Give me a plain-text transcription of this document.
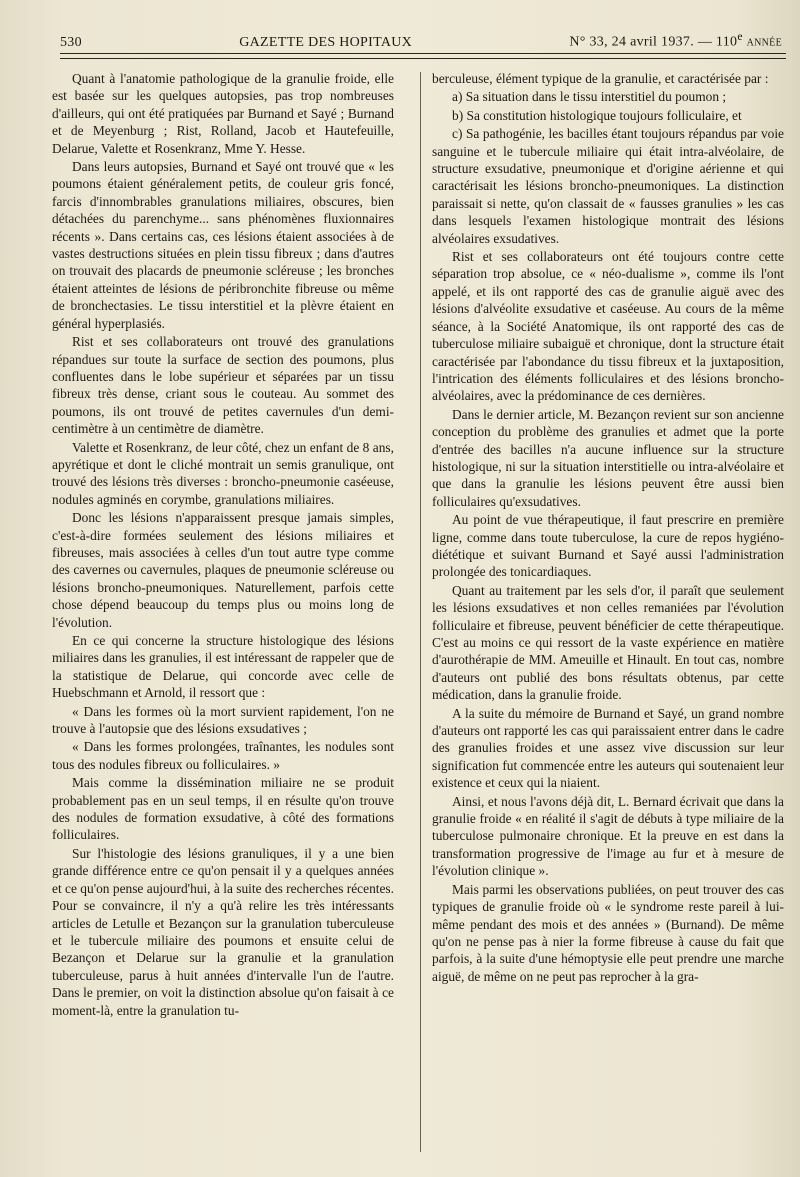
530	GAZETTE DES HOPITAUX	N° 33, 24 avril 1937. — 110e ANNÉE

Quant à l'anatomie pathologique de la granulie froide, elle est basée sur les quelques autopsies, pas trop nombreuses d'ailleurs, qui ont été pratiquées par Burnand et Sayé ; Burnand et de Meyenburg ; Rist, Rolland, Jacob et Hautefeuille, Delarue, Valette et Rosenkranz, Mme Y. Hesse.

Dans leurs autopsies, Burnand et Sayé ont trouvé que « les poumons étaient généralement petits, de couleur gris foncé, farcis d'innombrables granulations miliaires, obscures, bien détachées du parenchyme... sans phénomènes fluxionnaires récents ». Dans certains cas, ces lésions étaient associées à de vastes destructions situées en plein tissu fibreux ; dans d'autres on trouvait des placards de pneumonie scléreuse ; les bronches étaient atteintes de lésions de péribronchite fibreuse ou même de bronchectasies. Le tissu interstitiel et la plèvre étaient en général hyperplasiés.

Rist et ses collaborateurs ont trouvé des granulations répandues sur toute la surface de section des poumons, plus confluentes dans le lobe supérieur et séparées par un tissu fibreux très dense, criant sous le couteau. Au sommet des poumons, ils ont trouvé de petites cavernules d'un demi-centimètre à un centimètre de diamètre.

Valette et Rosenkranz, de leur côté, chez un enfant de 8 ans, apyrétique et dont le cliché montrait un semis granulique, ont trouvé des lésions très diverses : broncho-pneumonie caséeuse, nodules agminés en corymbe, granulations miliaires.

Donc les lésions n'apparaissent presque jamais simples, c'est-à-dire formées seulement des lésions miliaires et fibreuses, mais associées à celles d'un tout autre type comme des cavernes ou cavernules, plaques de pneumonie scléreuse ou lésions broncho-pneumoniques. Naturellement, parfois cette chose dépend beaucoup du temps plus ou moins long de l'évolution.

En ce qui concerne la structure histologique des lésions miliaires dans les granulies, il est intéressant de rappeler que de la statistique de Delarue, qui concorde avec celle de Huebschmann et Arnold, il ressort que :

« Dans les formes où la mort survient rapidement, l'on ne trouve à l'autopsie que des lésions exsudatives ;

« Dans les formes prolongées, traînantes, les nodules sont tous des nodules fibreux ou folliculaires. »

Mais comme la dissémination miliaire ne se produit probablement pas en un seul temps, il en résulte qu'on trouve des nodules de formation exsudative, à côté des formations folliculaires.

Sur l'histologie des lésions granuliques, il y a une bien grande différence entre ce qu'on pensait il y a quelques années et ce qu'on pense aujourd'hui, à la suite des recherches récentes. Pour se convaincre, il n'y a qu'à relire les très intéressants articles de Letulle et Bezançon sur la granulation tuberculeuse et le tubercule miliaire des poumons et ensuite celui de Bezançon et Delarue sur la granulie et la granulation tuberculeuse, parus à huit années d'intervalle l'un de l'autre. Dans le premier, on voit la distinction absolue qu'on faisait à ce moment-là, entre la granulation tu-

berculeuse, élément typique de la granulie, et caractérisée par :

a) Sa situation dans le tissu interstitiel du poumon ;

b) Sa constitution histologique toujours folliculaire, et

c) Sa pathogénie, les bacilles étant toujours répandus par voie sanguine et le tubercule miliaire qui était intra-alvéolaire, de structure exsudative, pneumonique et d'origine aérienne et qui caractérisait les lésions broncho-pneumoniques. La distinction paraissait si nette, qu'on classait de « fausses granulies » les cas dans lesquels l'examen histologique montrait des lésions alvéolaires exsudatives.

Rist et ses collaborateurs ont été toujours contre cette séparation trop absolue, ce « néo-dualisme », comme ils l'ont appelé, et ils ont rapporté des cas de granulie aiguë avec des lésions d'alvéolite exsudative et caséeuse. Au cours de la même séance, à la Société Anatomique, ils ont rapporté des cas de tuberculose miliaire subaiguë et chronique, dont la structure était caractérisée par l'abondance du tissu fibreux et la juxtaposition, l'intrication des éléments folliculaires et des lésions broncho-alvéolaires, avec la prédominance de ces dernières.

Dans le dernier article, M. Bezançon revient sur son ancienne conception du problème des granulies et admet que la porte d'entrée des bacilles n'a aucune influence sur la structure histologique, ni sur la situation interstitielle ou intra-alvéolaire et que dans la granulie les lésions peuvent être aussi bien folliculaires qu'exsudatives.

Au point de vue thérapeutique, il faut prescrire en première ligne, comme dans toute tuberculose, la cure de repos hygiéno-diététique et suivant Burnand et Sayé aussi l'administration prolongée des tonicardiaques.

Quant au traitement par les sels d'or, il paraît que seulement les lésions exsudatives et non celles remaniées par l'évolution folliculaire et fibreuse, peuvent bénéficier de cette thérapeutique. C'est au moins ce qui ressort de la vaste expérience en matière d'aurothérapie de MM. Ameuille et Hinault. En tout cas, nombre d'auteurs ont publié des bons résultats obtenus, par cette médication, dans la granulie froide.

A la suite du mémoire de Burnand et Sayé, un grand nombre d'auteurs ont rapporté les cas qui paraissaient entrer dans le cadre des granulies froides et une assez vive discussion sur leur signification fut commencée entre les auteurs qui soutenaient leur existence et ceux qui la niaient.

Ainsi, et nous l'avons déjà dit, L. Bernard écrivait que dans la granulie froide « en réalité il s'agit de débuts à type miliaire de la tuberculose pulmonaire chronique. Et la preuve en est dans la transformation progressive de l'image au fur et à mesure de l'évolution clinique ».

Mais parmi les observations publiées, on peut trouver des cas typiques de granulie froide où « le syndrome reste pareil à lui-même pendant des mois et des années » (Burnand). De même qu'on ne pense pas à nier la forme fibreuse à cause du fait que parfois, à la suite d'une hémoptysie elle peut prendre une marche aiguë, de même on ne peut pas reprocher à la gra-
